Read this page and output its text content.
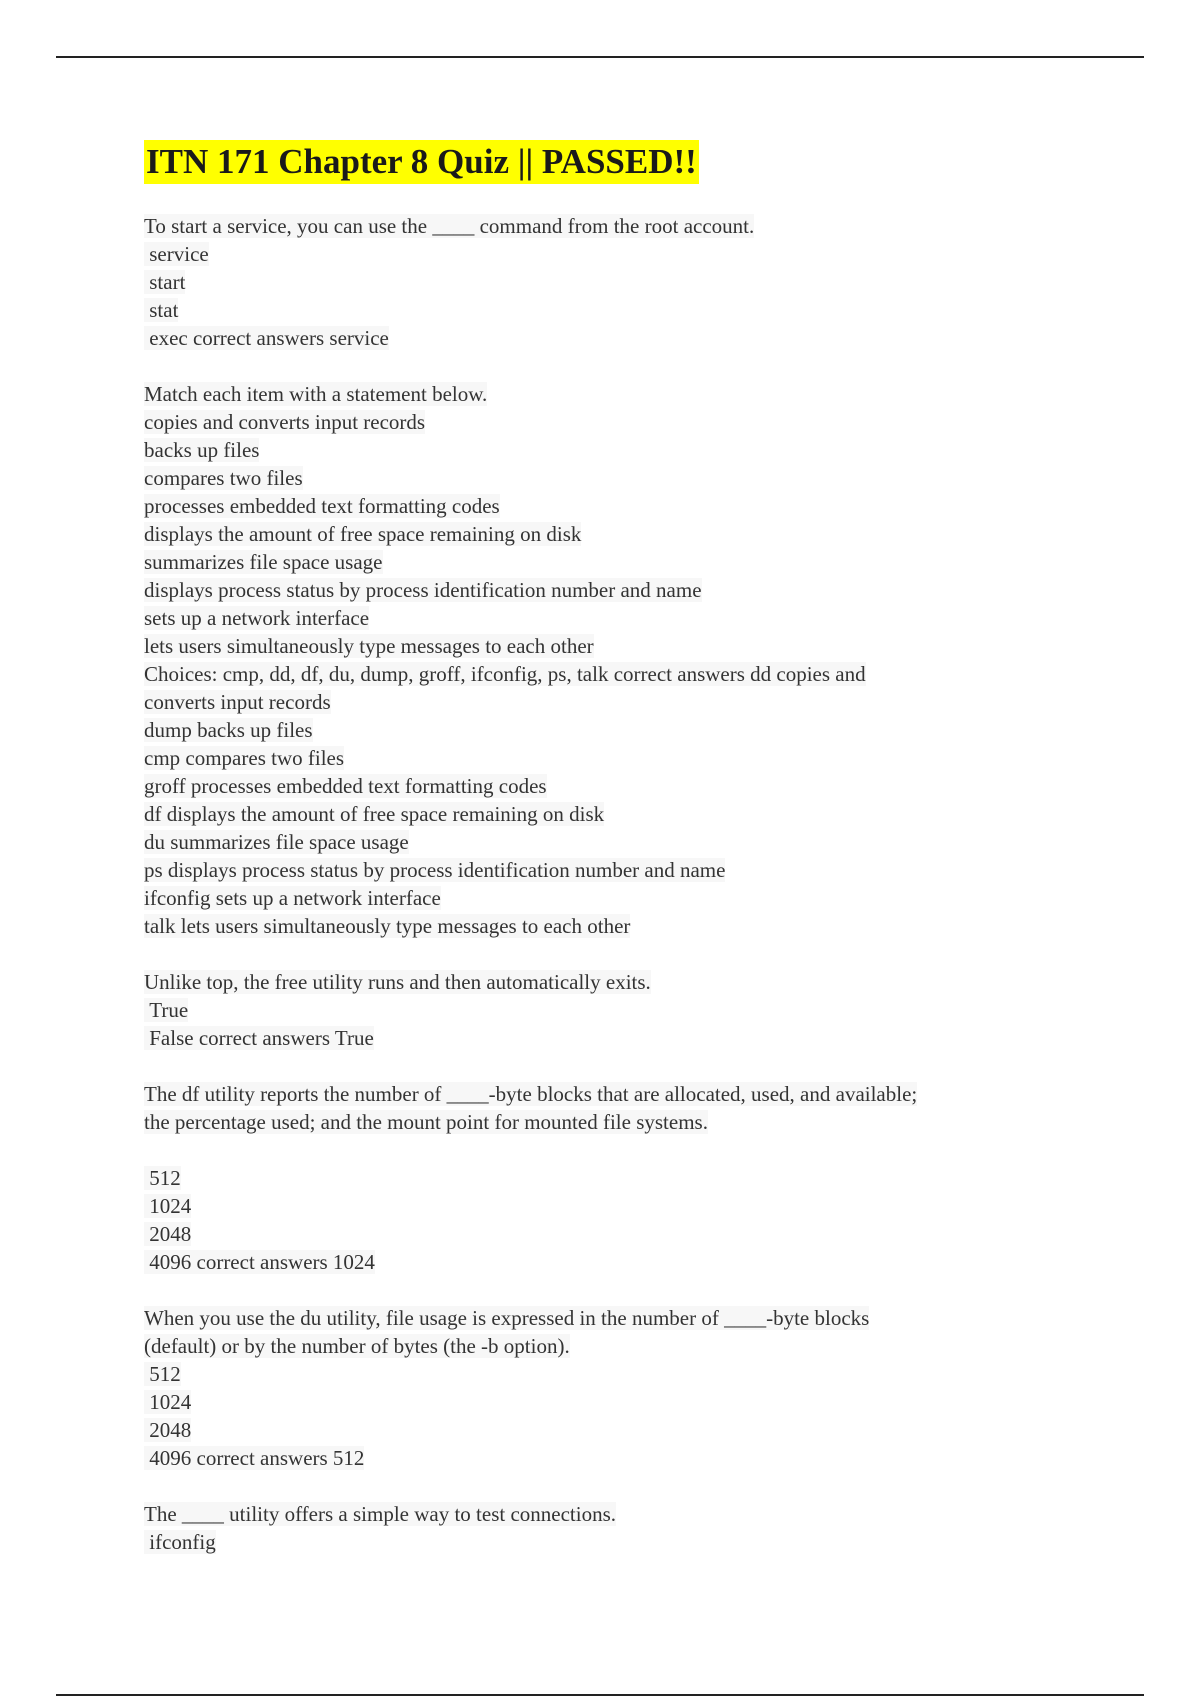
ITN 171 Chapter 8 Quiz || PASSED!!
To start a service, you can use the ____ command from the root account.
service
start
stat
exec correct answers service
Match each item with a statement below.
copies and converts input records
backs up files
compares two files
processes embedded text formatting codes
displays the amount of free space remaining on disk
summarizes file space usage
displays process status by process identification number and name
sets up a network interface
lets users simultaneously type messages to each other
Choices: cmp, dd, df, du, dump, groff, ifconfig, ps, talk correct answers dd copies and
converts input records
dump backs up files
cmp compares two files
groff processes embedded text formatting codes
df displays the amount of free space remaining on disk
du summarizes file space usage
ps displays process status by process identification number and name
ifconfig sets up a network interface
talk lets users simultaneously type messages to each other
Unlike top, the free utility runs and then automatically exits.
True
False correct answers True
The df utility reports the number of ____-byte blocks that are allocated, used, and available;
the percentage used; and the mount point for mounted file systems.
512
1024
2048
4096 correct answers 1024
When you use the du utility, file usage is expressed in the number of ____-byte blocks
(default) or by the number of bytes (the -b option).
512
1024
2048
4096 correct answers 512
The ____ utility offers a simple way to test connections.
ifconfig
